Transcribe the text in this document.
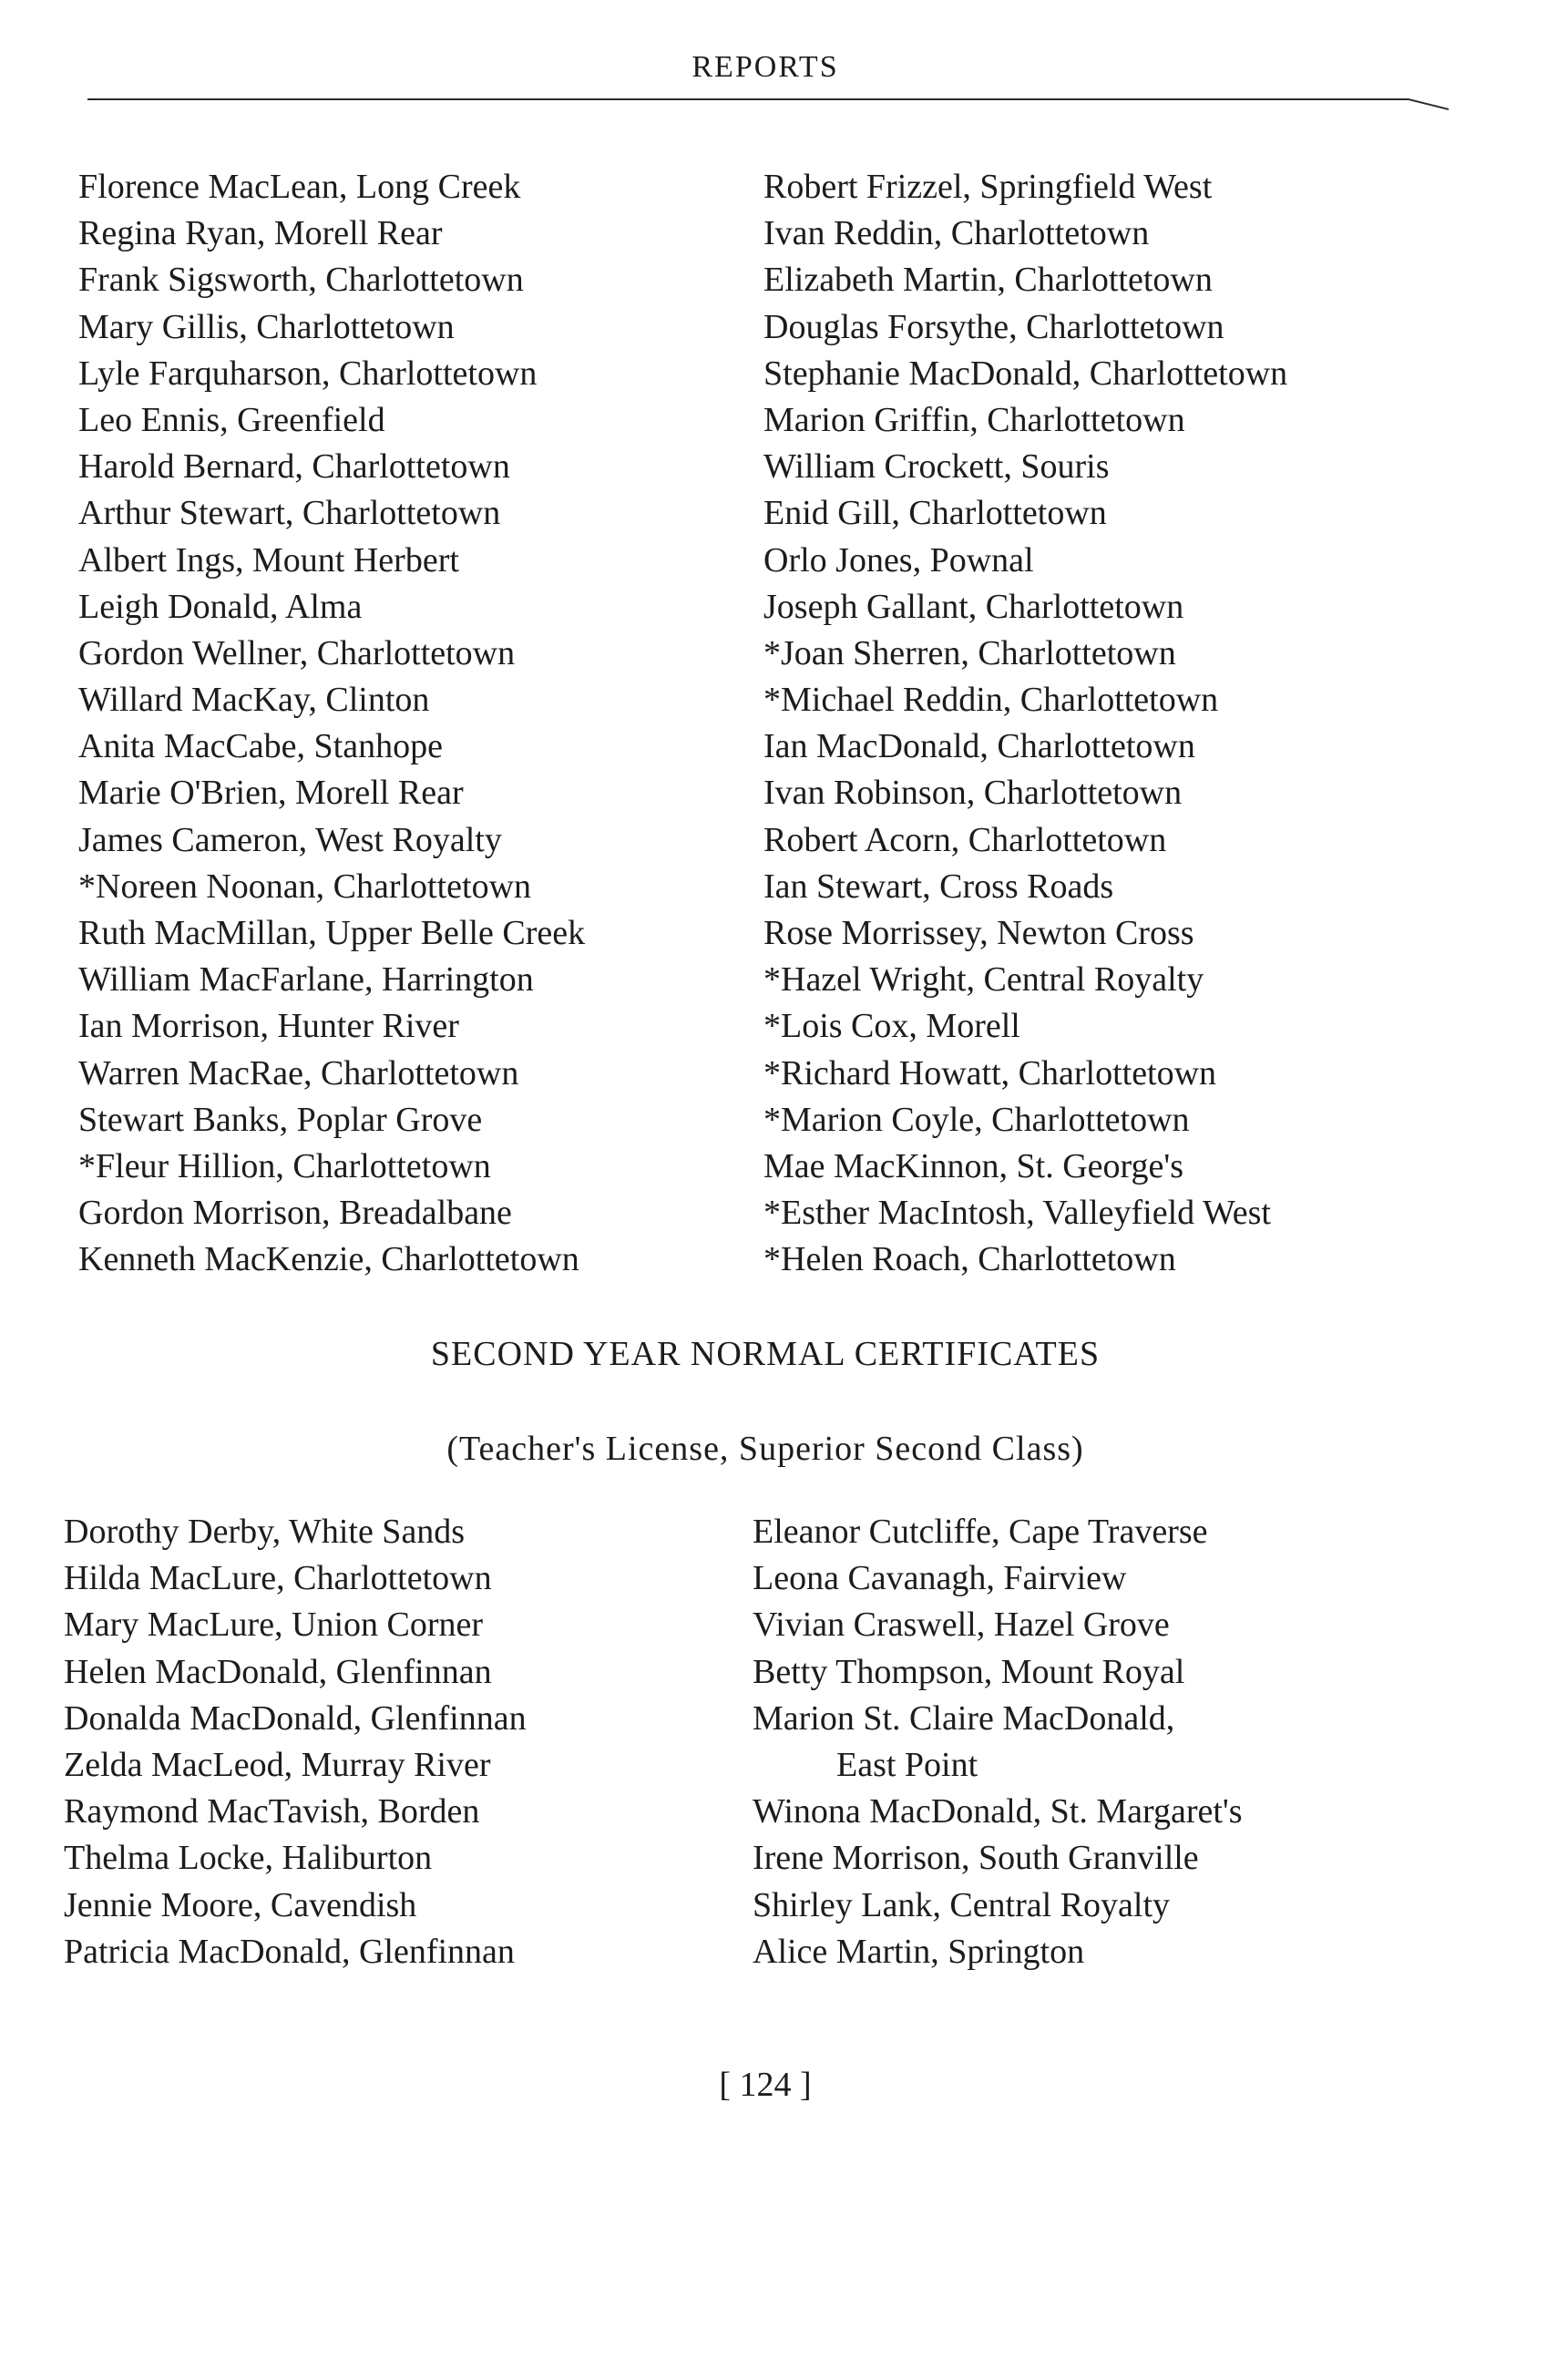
REPORTS
Florence MacLean, Long Creek
Regina Ryan, Morell Rear
Frank Sigsworth, Charlottetown
Mary Gillis, Charlottetown
Lyle Farquharson, Charlottetown
Leo Ennis, Greenfield
Harold Bernard, Charlottetown
Arthur Stewart, Charlottetown
Albert Ings, Mount Herbert
Leigh Donald, Alma
Gordon Wellner, Charlottetown
Willard MacKay, Clinton
Anita MacCabe, Stanhope
Marie O'Brien, Morell Rear
James Cameron, West Royalty
*Noreen Noonan, Charlottetown
Ruth MacMillan, Upper Belle Creek
William MacFarlane, Harrington
Ian Morrison, Hunter River
Warren MacRae, Charlottetown
Stewart Banks, Poplar Grove
*Fleur Hillion, Charlottetown
Gordon Morrison, Breadalbane
Kenneth MacKenzie, Charlottetown
Robert Frizzel, Springfield West
Ivan Reddin, Charlottetown
Elizabeth Martin, Charlottetown
Douglas Forsythe, Charlottetown
Stephanie MacDonald, Charlottetown
Marion Griffin, Charlottetown
William Crockett, Souris
Enid Gill, Charlottetown
Orlo Jones, Pownal
Joseph Gallant, Charlottetown
*Joan Sherren, Charlottetown
*Michael Reddin, Charlottetown
Ian MacDonald, Charlottetown
Ivan Robinson, Charlottetown
Robert Acorn, Charlottetown
Ian Stewart, Cross Roads
Rose Morrissey, Newton Cross
*Hazel Wright, Central Royalty
*Lois Cox, Morell
*Richard Howatt, Charlottetown
*Marion Coyle, Charlottetown
Mae MacKinnon, St. George's
*Esther MacIntosh, Valleyfield West
*Helen Roach, Charlottetown
SECOND YEAR NORMAL CERTIFICATES
(Teacher's License, Superior Second Class)
Dorothy Derby, White Sands
Hilda MacLure, Charlottetown
Mary MacLure, Union Corner
Helen MacDonald, Glenfinnan
Donalda MacDonald, Glenfinnan
Zelda MacLeod, Murray River
Raymond MacTavish, Borden
Thelma Locke, Haliburton
Jennie Moore, Cavendish
Patricia MacDonald, Glenfinnan
Eleanor Cutcliffe, Cape Traverse
Leona Cavanagh, Fairview
Vivian Craswell, Hazel Grove
Betty Thompson, Mount Royal
Marion St. Claire MacDonald,
East Point
Winona MacDonald, St. Margaret's
Irene Morrison, South Granville
Shirley Lank, Central Royalty
Alice Martin, Springton
[ 124 ]
